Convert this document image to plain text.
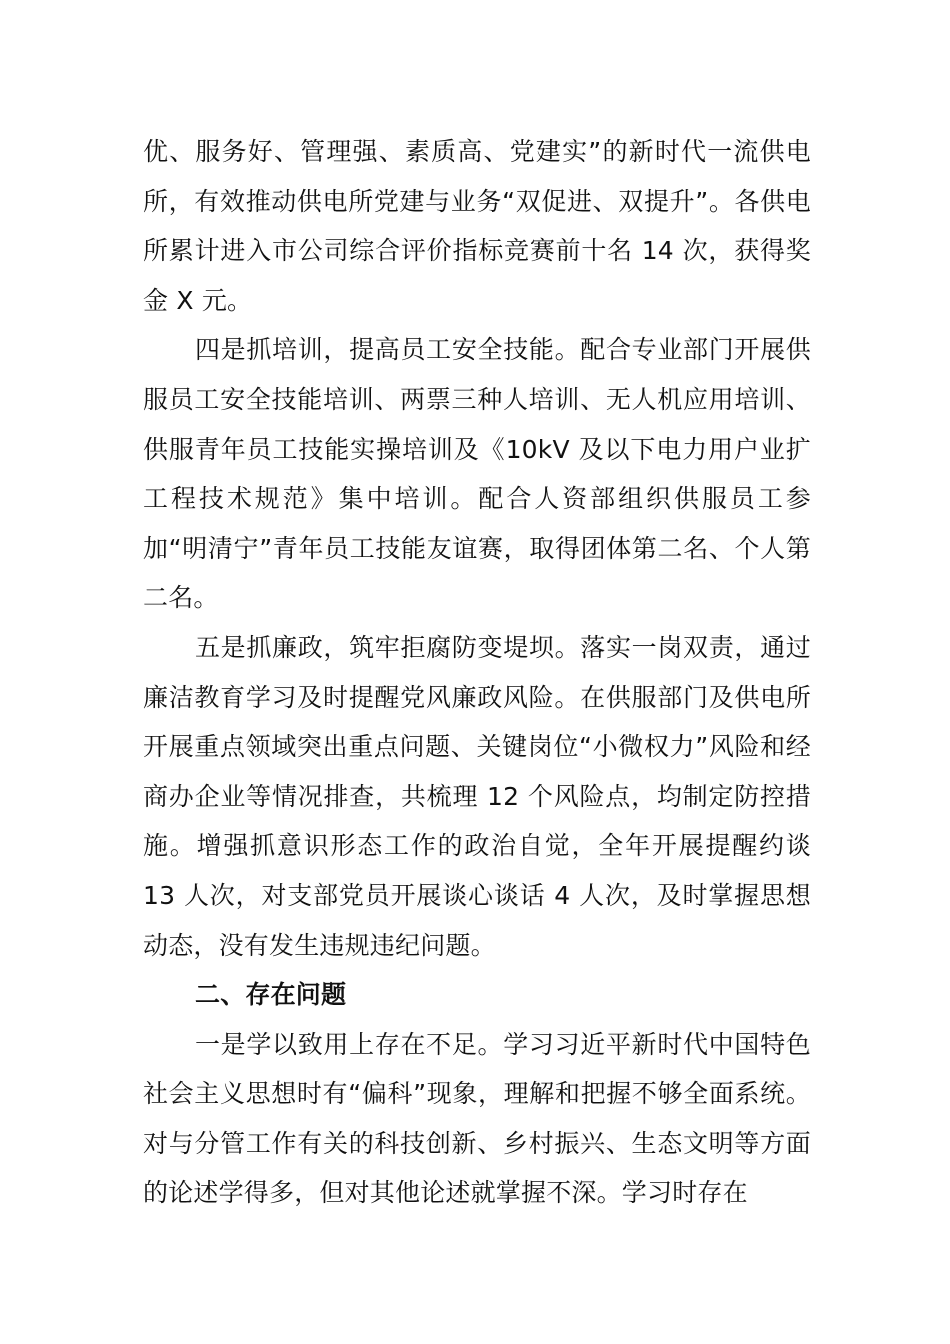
优、服务好、管理强、素质高、党建实”的新时代一流供电所，有效推动供电所党建与业务“双促进、双提升”。各供电所累计进入市公司综合评价指标竞赛前十名 14 次，获得奖金 X 元。

四是抓培训，提高员工安全技能。配合专业部门开展供服员工安全技能培训、两票三种人培训、无人机应用培训、供服青年员工技能实操培训及《10kV 及以下电力用户业扩工程技术规范》集中培训。配合人资部组织供服员工参加“明清宁”青年员工技能友谊赛，取得团体第二名、个人第二名。

五是抓廉政，筑牢拒腐防变堤坝。落实一岗双责，通过廉洁教育学习及时提醒党风廉政风险。在供服部门及供电所开展重点领域突出重点问题、关键岗位“小微权力”风险和经商办企业等情况排查，共梳理 12 个风险点，均制定防控措施。增强抓意识形态工作的政治自觉，全年开展提醒约谈 13 人次，对支部党员开展谈心谈话 4 人次，及时掌握思想动态，没有发生违规违纪问题。

二、存在问题

一是学以致用上存在不足。学习习近平新时代中国特色社会主义思想时有“偏科”现象，理解和把握不够全面系统。对与分管工作有关的科技创新、乡村振兴、生态文明等方面的论述学得多，但对其他论述就掌握不深。学习时存在
